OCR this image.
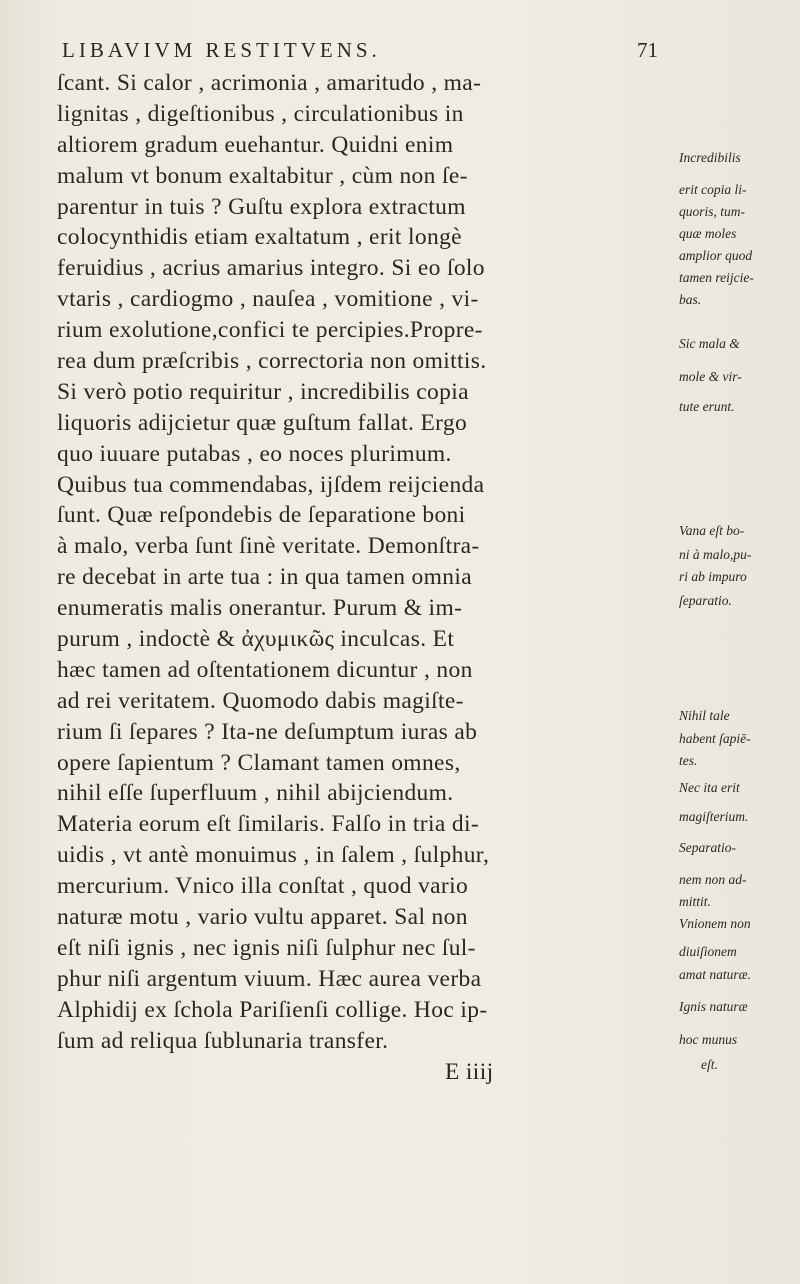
LIBAVIVM RESTITVENS.	71
ſcant. Si calor , acrimonia , amaritudo , ma-
lignitas , digeſtionibus , circulationibus in
altiorem gradum euehantur. Quidni enim
malum vt bonum exaltabitur , cùm non ſe-
parentur in tuis ? Guſtu explora extractum
colocynthidis etiam exaltatum , erit longè
feruidius , acrius amarius integro. Si eo ſolo
vtaris , cardiogmo , nauſea , vomitione , vi-
rium exolutione,confici te percipies.Propre-
rea dum præſcribis , correctoria non omittis.
Si verò potio requiritur , incredibilis copia
liquoris adijcietur quæ guſtum fallat. Ergo
quo iuuare putabas , eo noces plurimum.
Quibus tua commendabas, ijſdem reijcienda
ſunt. Quæ reſpondebis de ſeparatione boni
à malo, verba ſunt ſinè veritate. Demonſtra-
re decebat in arte tua : in qua tamen omnia
enumeratis malis onerantur. Purum & im-
purum , indoctè & ἀχυμικῶς inculcas. Et
hæc tamen ad oſtentationem dicuntur , non
ad rei veritatem. Quomodo dabis magiſte-
rium ſi ſepares ? Ita-ne deſumptum iuras ab
opere ſapientum ? Clamant tamen omnes,
nihil eſſe ſuperfluum , nihil abijciendum.
Materia eorum eſt ſimilaris. Falſo in tria di-
uidis , vt antè monuimus , in ſalem , ſulphur,
mercurium. Vnico illa conſtat , quod vario
naturæ motu , vario vultu apparet. Sal non
eſt niſi ignis , nec ignis niſi ſulphur nec ſul-
phur niſi argentum viuum. Hæc aurea verba
Alphidij ex ſchola Pariſienſi collige. Hoc ip-
ſum ad reliqua ſublunaria transfer.
E iiij
Incredibilis
erit copia li-
quoris, tum-
quæ moles
amplior quod
tamen reijcie-
bas.
Sic mala &
mole & vir-
tute erunt.
Vana eſt bo-
ni à malo,pu-
ri ab impuro
ſeparatio.
Nihil tale
habent ſapiē-
tes.
Nec ita erit
magiſterium.
Separatio-
nem non ad-
mittit.
Vnionem non
diuiſionem
amat naturæ.
Ignis naturæ
hoc munus
eſt.
